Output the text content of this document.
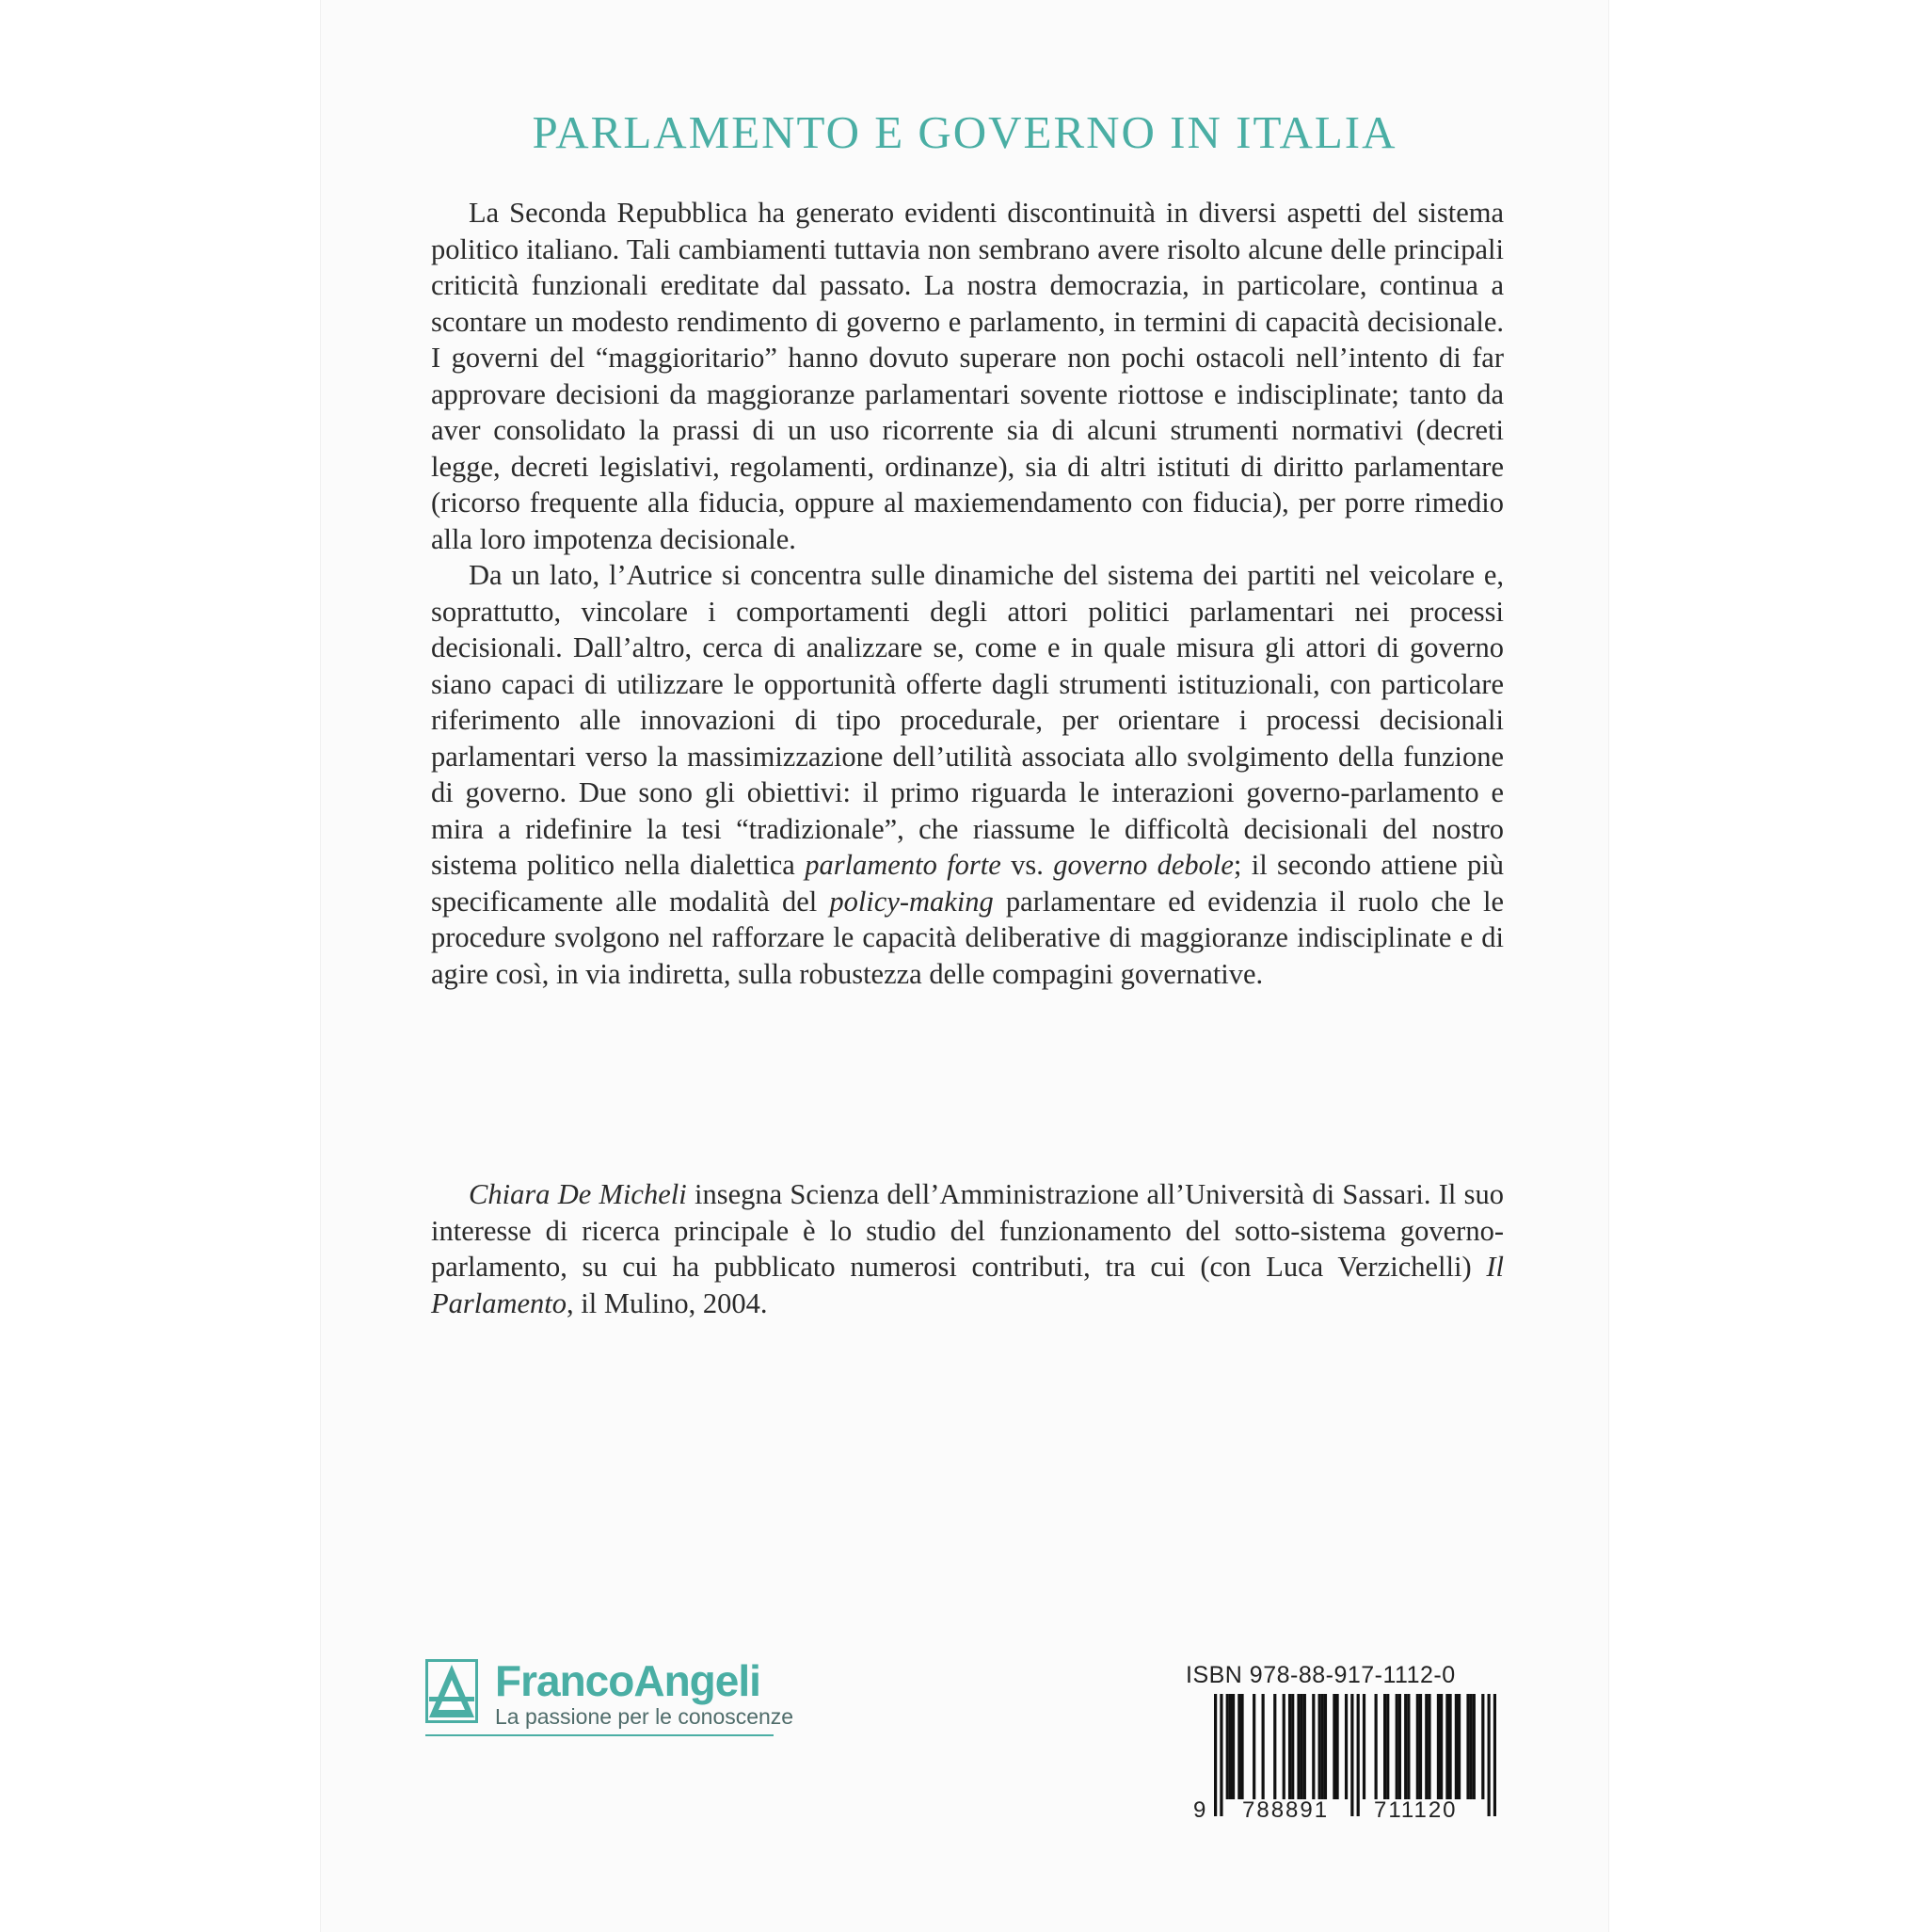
PARLAMENTO E GOVERNO IN ITALIA

La Seconda Repubblica ha generato evidenti discontinuità in diversi aspetti del sistema politico italiano. Tali cambiamenti tuttavia non sembrano avere risolto alcune delle principali criticità funzionali ereditate dal passato. La nostra democrazia, in particolare, continua a scontare un modesto rendimento di governo e parlamento, in termini di capacità decisionale. I governi del “maggioritario” hanno dovuto superare non pochi ostacoli nell’intento di far approvare decisioni da maggioranze parlamentari sovente riottose e indisciplinate; tanto da aver consolidato la prassi di un uso ricorrente sia di alcuni strumenti normativi (decreti legge, decreti legislativi, regolamenti, ordinanze), sia di altri istituti di diritto parlamentare (ricorso frequente alla fiducia, oppure al maxiemendamento con fiducia), per porre rimedio alla loro impotenza decisionale.

Da un lato, l’Autrice si concentra sulle dinamiche del sistema dei partiti nel veicolare e, soprattutto, vincolare i comportamenti degli attori politici parlamentari nei processi decisionali. Dall’altro, cerca di analizzare se, come e in quale misura gli attori di governo siano capaci di utilizzare le opportunità offerte dagli strumenti istituzionali, con particolare riferimento alle innovazioni di tipo procedurale, per orientare i processi decisionali parlamentari verso la massimizzazione dell’utilità associata allo svolgimento della funzione di governo. Due sono gli obiettivi: il primo riguarda le interazioni governo-parlamento e mira a ridefinire la tesi “tradizionale”, che riassume le difficoltà decisionali del nostro sistema politico nella dialettica parlamento forte vs. governo debole; il secondo attiene più specificamente alle modalità del policy-making parlamentare ed evidenzia il ruolo che le procedure svolgono nel rafforzare le capacità deliberative di maggioranze indisciplinate e di agire così, in via indiretta, sulla robustezza delle compagini governative.

Chiara De Micheli insegna Scienza dell’Amministrazione all’Università di Sassari. Il suo interesse di ricerca principale è lo studio del funzionamento del sotto-sistema governo-parlamento, su cui ha pubblicato numerosi contributi, tra cui (con Luca Verzichelli) Il Parlamento, il Mulino, 2004.

FrancoAngeli
La passione per le conoscenze
ISBN 978-88-917-1112-0
9 788891 711120
